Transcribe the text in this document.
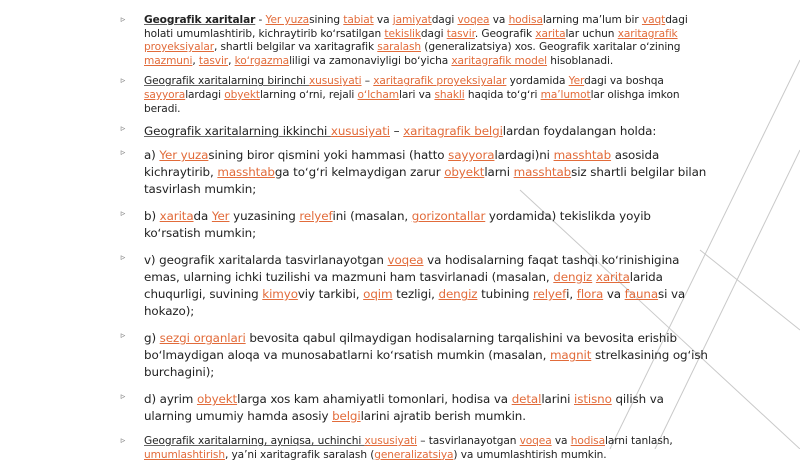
▹ Geografik xaritalar - Yer yuzasining tabiat va jamiyatdagi voqea va hodisalarning maʼlum bir vaqtdagi holati umumlashtirib, kichraytirib koʻrsatilgan tekislikdagi tasvir. Geografik xaritalar uchun xaritagrafik proyeksiyalar, shartli belgilar va xaritagrafik saralash (generalizatsiya) xos. Geografik xaritalar oʻzining mazmuni, tasvir, koʻrgazmaliligi va zamonaviyligi boʻyicha xaritagrafik model hisoblanadi.
▹ Geografik xaritalarning birinchi xususiyati – xaritagrafik proyeksiyalar yordamida Yerdagi va boshqa sayyoralardagi obyektlarning oʻrni, rejali oʻlchamlari va shakli haqida toʻgʻri maʼlumotlar olishga imkon beradi.
▹ Geografik xaritalarning ikkinchi xususiyati – xaritagrafik belgilardan foydalangan holda:
▹ a) Yer yuzasining biror qismini yoki hammasi (hatto sayyoralardagi)ni masshtab asosida kichraytirib, masshtabga toʻgʻri kelmaydigan zarur obyektlarni masshtabsiz shartli belgilar bilan tasvirlash mumkin;
▹ b) xaritada Yer yuzasining relyefini (masalan, gorizontallar yordamida) tekislikda yoyib koʻrsatish mumkin;
▹ v) geografik xaritalarda tasvirlanayotgan voqea va hodisalarning faqat tashqi koʻrinishigina emas, ularning ichki tuzilishi va mazmuni ham tasvirlanadi (masalan, dengiz xaritalarida chuqurligi, suvining kimyoviy tarkibi, oqim tezligi, dengiz tubining relyefi, flora va faunasi va hokazo);
▹ g) sezgi organlari bevosita qabul qilmaydigan hodisalarning tarqalishini va bevosita erishib boʻlmaydigan aloqa va munosabatlarni koʻrsatish mumkin (masalan, magnit strelkasining ogʻish burchagini);
▹ d) ayrim obyektlarga xos kam ahamiyatli tomonlari, hodisa va detallarini istisno qilish va ularning umumiy hamda asosiy belgilarini ajratib berish mumkin.
▹ Geografik xaritalarning, ayniqsa, uchinchi xususiyati – tasvirlanayotgan voqea va hodisalarni tanlash, umumlashtirish, yaʼni xaritagrafik saralash (generalizatsiya) va umumlashtirish mumkin.
